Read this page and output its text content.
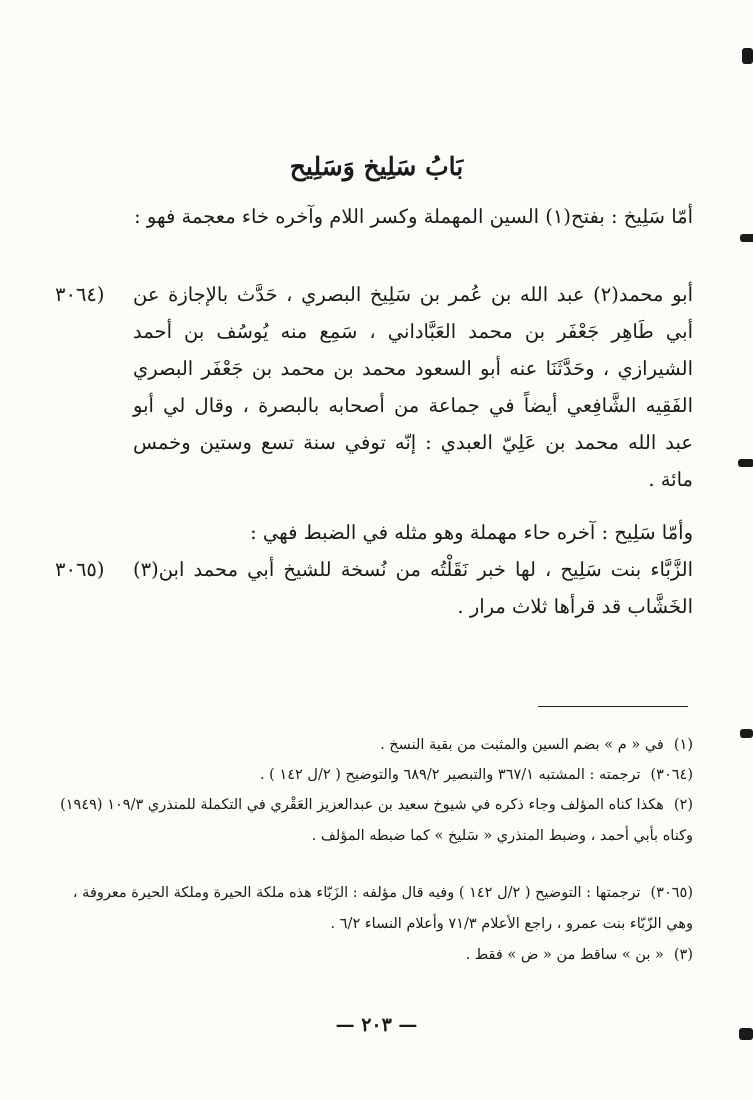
بَابُ سَلِيخ وَسَلِيح
أمّا سَلِيخ : بفتح(١) السين المهملة وكسر اللام وآخره خاء معجمة فهو :
(٣٠٦٤	أبو محمد(٢) عبد الله بن عُمر بن سَلِيخ البصري ، حَدَّث بالإجازة عن أبي طَاهِر جَعْفَر بن محمد العَبَّاداني ، سَمِع منه يُوسُف بن أحمد الشيرازي ، وحَدَّثَنَا عنه أبو السعود محمد بن محمد بن جَعْفَر البصري الفَقِيه الشَّافِعي أيضاً في جماعة من أصحابه بالبصرة ، وقال لي أبو عبد الله محمد بن عَلِيّ العبدي : إنّه توفي سنة تسع وستين وخمس مائة .
وأمّا سَلِيح : آخره حاء مهملة وهو مثله في الضبط فهي :
(٣٠٦٥	الزَّبَّاء بنت سَلِيح ، لها خبر نَقَلْتُه من نُسخة للشيخ أبي محمد ابن(٣) الخَشَّاب قد قرأها ثلاث مرار .
(١)في « م » بضم السين والمثبت من بقية النسخ .
(٣٠٦٤)ترجمته : المشتبه ٣٦٧/١ والتبصير ٦٨٩/٢ والتوضيح ( ٢/ل ١٤٢ ) .
(٢)هكذا كناه المؤلف وجاء ذكره في شيوخ سعيد بن عبدالعزيز العَقْري في التكملة للمنذري ١٠٩/٣ (١٩٤٩) وكناه بأبي أحمد ، وضبط المنذري « سَليخ » كما ضبطه المؤلف .
(٣٠٦٥)ترجمتها : التوضيح ( ٢/ل ١٤٢ ) وفيه قال مؤلفه : الزَبّاء هذه ملكة الحيرة وملكة الحيرة معروفة ، وهي الزّبّاء بنت عمرو ، راجع الأعلام ٧١/٣ وأعلام النساء ٦/٢ .
(٣)« بن » ساقط من « ض » فقط .
— ٢٠٣ —
